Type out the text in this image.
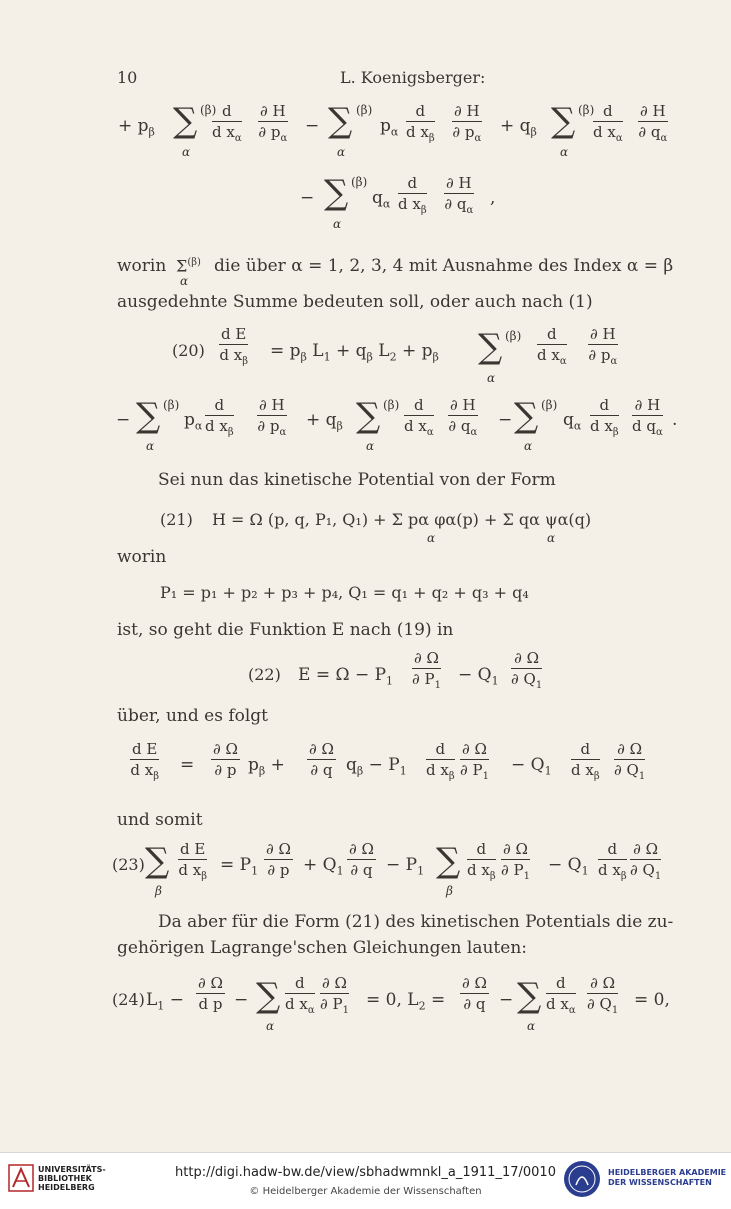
10	L. Koenigsberger:
+ $p_\beta$ ∑ (β)
α
$\frac{d}{d x_\alpha} \frac{\partial H}{\partial p_\alpha}$ − ∑ (β)
α
$p_\alpha \frac{d}{d x_\beta} \frac{\partial H}{\partial p_\alpha} + q_\beta$ ∑ (β)
α
$\frac{d}{d x_\alpha} \frac{\partial H}{\partial q_\alpha}$
− ∑ (β)
α
$q_\alpha \frac{d}{d x_\beta} \frac{\partial H}{\partial q_\alpha}$ ,
worin $\Sigma^{(\beta)}$
α
die über α = 1, 2, 3, 4 mit Ausnahme des Index α = β
ausgedehnte Summe bedeuten soll, oder auch nach (1)
$(20) \frac{\text{d E}}{d x_\beta} = p_\beta$ $L_1 + q_\beta$ $L_2 + p_\beta$ ∑ (β)
α
$\frac{d}{d x_\alpha} \frac{\partial H}{\partial p_\alpha}$
− ∑ (β)
α
$p_\alpha \frac{d}{d x_\beta} \frac{\partial H}{\partial p_\alpha} + q_\beta$ ∑ (β)
α
$\frac{d}{d x_\alpha} \frac{\partial H}{\partial q_\alpha}$ − ∑ (β)
α
$q_\alpha \frac{d}{d x_\beta} \frac{\partial H}{d q_\alpha}$ .
Sei nun das kinetische Potential von der Form
(21) H = Ω (p, q, P₁, Q₁) + Σ pα φα(p) + Σ qα ψα(q)
α	α
worin
P₁ = p₁ + p₂ + p₃ + p₄, Q₁ = q₁ + q₂ + q₃ + q₄
ist, so geht die Funktion E nach (19) in
(22) $E = \Omega - P_1 \frac{\partial \Omega}{\partial P_1} - Q_1 \frac{\partial \Omega}{\partial Q_1}$
über, und es folgt
$\frac{\text{d E}}{d x_\beta} = \frac{\partial \Omega}{\partial p} p_\beta + \frac{\partial \Omega}{\partial q} q_\beta - P_1 \frac{d}{d x_\beta} \frac{\partial \Omega}{\partial P_1} - Q_1 \frac{d}{d x_\beta} \frac{\partial \Omega}{\partial Q_1}$
und somit
(23) ∑
β
$\frac{\text{d E}}{d x_\beta} = P_1 \frac{\partial \Omega}{\partial p} + Q_1 \frac{\partial \Omega}{\partial q} - P_1$ ∑
β
$\frac{d}{d x_\beta} \frac{\partial \Omega}{\partial P_1} - Q_1 \frac{d}{d x_\beta} \frac{\partial \Omega}{\partial Q_1}$
Da aber für die Form (21) des kinetischen Potentials die zu-
gehörigen Lagrange'schen Gleichungen lauten:
(24) $L_1 - \frac{\partial \Omega}{\text{d p}}$ − ∑
α
$\frac{d}{d x_\alpha} \frac{\partial \Omega}{\partial P_1} = 0$, $L_2 = \frac{\partial \Omega}{\partial q}$ − ∑
α
$\frac{d}{d x_\alpha} \frac{\partial \Omega}{\partial Q_1} = 0$,
UNIVERSITÄTS-
BIBLIOTHEK
HEIDELBERG
http://digi.hadw-bw.de/view/sbhadwmnkl_a_1911_17/0010
© Heidelberger Akademie der Wissenschaften
HEIDELBERGER AKADEMIE
DER WISSENSCHAFTEN
